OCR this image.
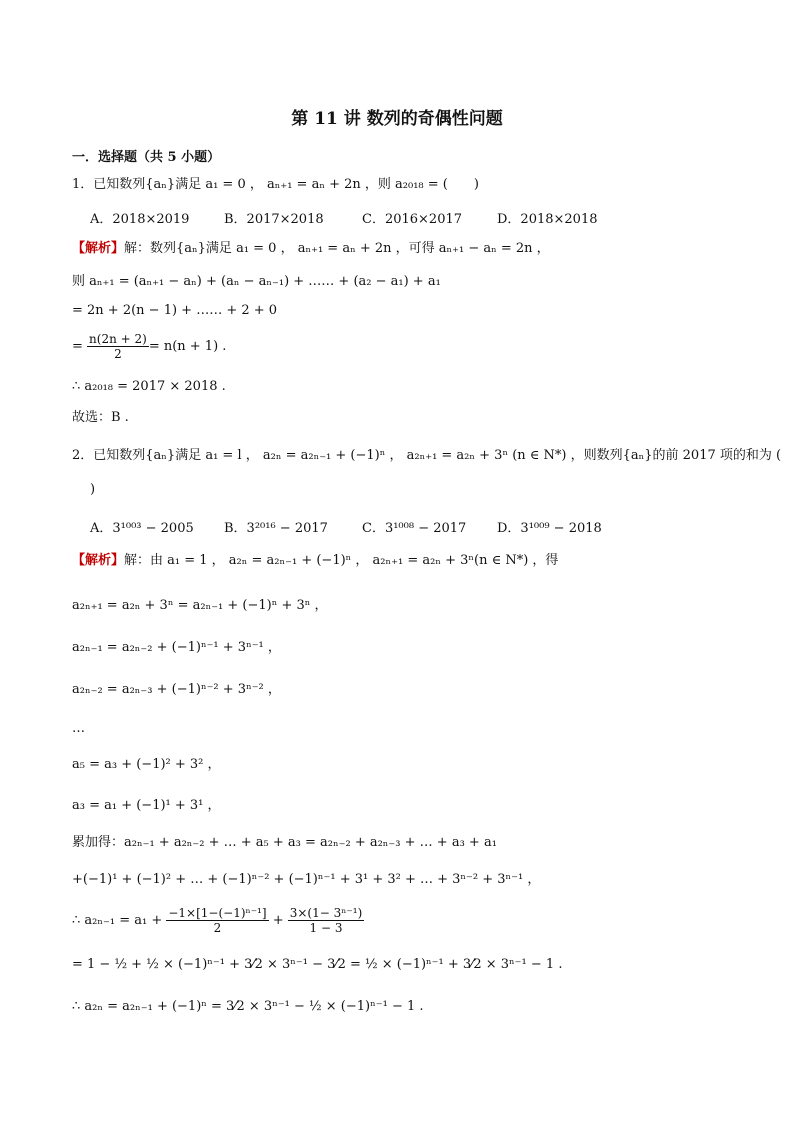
第 11 讲 数列的奇偶性问题
一．选择题（共 5 小题）
1．已知数列{aₙ}满足 a₁ = 0 ， aₙ₊₁ = aₙ + 2n ，则 a₂₀₁₈ = (　　)
A．2018×2019	B．2017×2018	C．2016×2017	D．2018×2018
【解析】解：数列{aₙ}满足 a₁ = 0 ， aₙ₊₁ = aₙ + 2n ，可得 aₙ₊₁ − aₙ = 2n ，
则 aₙ₊₁ = (aₙ₊₁ − aₙ) + (aₙ − aₙ₋₁) + …… + (a₂ − a₁) + a₁
= 2n + 2(n − 1) + …… + 2 + 0
= $\frac{n(2n + 2)}{2} = n(n + 1)$ .
∴ a₂₀₁₈ = 2017 × 2018 .
故选：B .
2．已知数列{aₙ}满足 a₁ = l ， a₂ₙ = a₂ₙ₋₁ + (−1)ⁿ ， a₂ₙ₊₁ = a₂ₙ + 3ⁿ (n ∈ N*) ，则数列{aₙ}的前 2017 项的和为 (
)
A．3¹⁰⁰³ − 2005 B．3²⁰¹⁶ − 2017	C．3¹⁰⁰⁸ − 2017 D．3¹⁰⁰⁹ − 2018
【解析】解：由 a₁ = 1 ， a₂ₙ = a₂ₙ₋₁ + (−1)ⁿ ， a₂ₙ₊₁ = a₂ₙ + 3ⁿ(n ∈ N*) ，得
a₂ₙ₊₁ = a₂ₙ + 3ⁿ = a₂ₙ₋₁ + (−1)ⁿ + 3ⁿ ，
a₂ₙ₋₁ = a₂ₙ₋₂ + (−1)ⁿ⁻¹ + 3ⁿ⁻¹ ，
a₂ₙ₋₂ = a₂ₙ₋₃ + (−1)ⁿ⁻² + 3ⁿ⁻² ，
…
a₅ = a₃ + (−1)² + 3² ，
a₃ = a₁ + (−1)¹ + 3¹ ，
累加得：a₂ₙ₋₁ + a₂ₙ₋₂ + … + a₅ + a₃ = a₂ₙ₋₂ + a₂ₙ₋₃ + … + a₃ + a₁
+(−1)¹ + (−1)² + … + (−1)ⁿ⁻² + (−1)ⁿ⁻¹ + 3¹ + 3² + … + 3ⁿ⁻² + 3ⁿ⁻¹ ，
∴ $a_{2n-1} = a_1 + \frac{\text{−1×[1−(−1)ⁿ⁻¹]}}{2} + \frac{\text{3×(1− 3ⁿ⁻¹)}}{1 - 3}$
= 1 − ½ + ½ × (−1)ⁿ⁻¹ + 3⁄2 × 3ⁿ⁻¹ − 3⁄2 = ½ × (−1)ⁿ⁻¹ + 3⁄2 × 3ⁿ⁻¹ − 1 .
∴ a₂ₙ = a₂ₙ₋₁ + (−1)ⁿ = 3⁄2 × 3ⁿ⁻¹ − ½ × (−1)ⁿ⁻¹ − 1 .
